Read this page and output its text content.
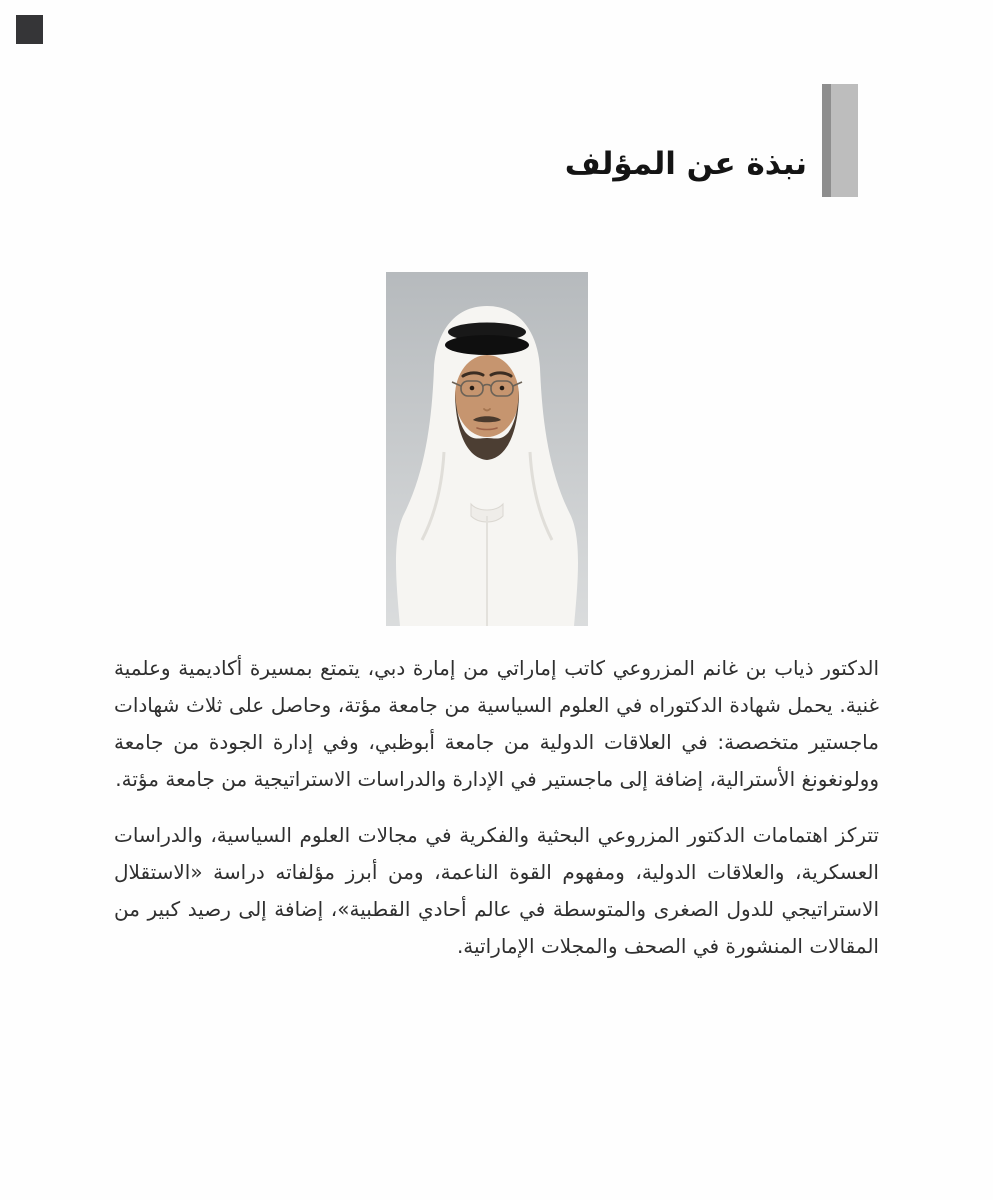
نبذة عن المؤلف

الدكتور ذياب بن غانم المزروعي كاتب إماراتي من إمارة دبي، يتمتع بمسيرة أكاديمية وعلمية غنية. يحمل شهادة الدكتوراه في العلوم السياسية من جامعة مؤتة، وحاصل على ثلاث شهادات ماجستير متخصصة: في العلاقات الدولية من جامعة أبوظبي، وفي إدارة الجودة من جامعة وولونغونغ الأسترالية، إضافة إلى ماجستير في الإدارة والدراسات الاستراتيجية من جامعة مؤتة.

تتركز اهتمامات الدكتور المزروعي البحثية والفكرية في مجالات العلوم السياسية، والدراسات العسكرية، والعلاقات الدولية، ومفهوم القوة الناعمة، ومن أبرز مؤلفاته دراسة «الاستقلال الاستراتيجي للدول الصغرى والمتوسطة في عالم أحادي القطبية»، إضافة إلى رصيد كبير من المقالات المنشورة في الصحف والمجلات الإماراتية.
